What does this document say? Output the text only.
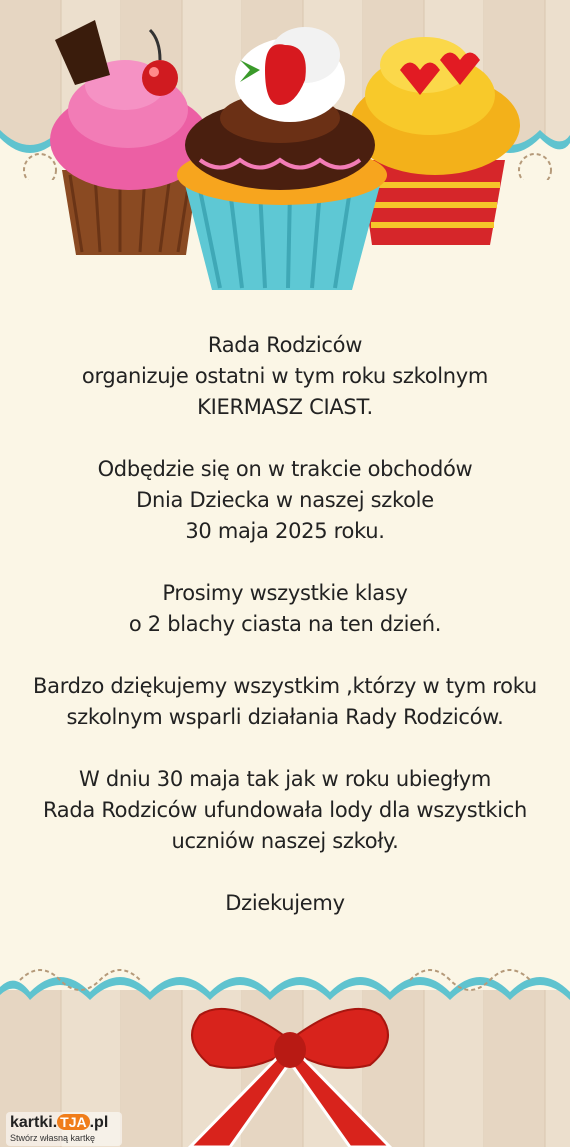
Rada Rodziców

organizuje ostatni w tym roku szkolnym

KIERMASZ CIAST.

Odbędzie się on w trakcie obchodów

Dnia Dziecka w naszej szkole

30 maja 2025 roku.

Prosimy wszystkie klasy

o 2 blachy ciasta na ten dzień.

Bardzo dziękujemy wszystkim ,którzy w tym roku

szkolnym wsparli działania Rady Rodziców.

W dniu 30 maja tak jak w roku ubiegłym

Rada Rodziców ufundowała lody dla wszystkich

uczniów naszej szkoły.

Dziekujemy

kartki. TJA .pl
Stwórz własną kartkę
